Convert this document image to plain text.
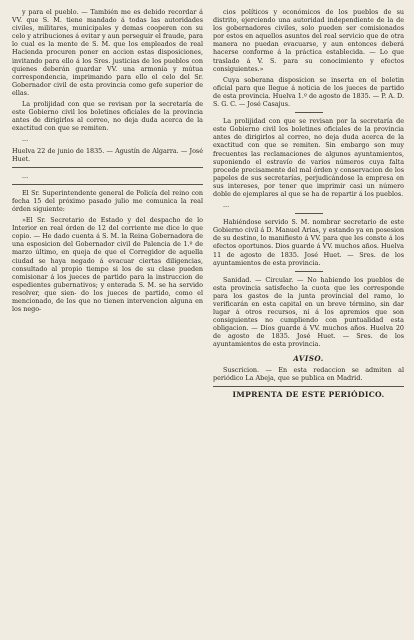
y para el pueblo. — También me es debido recordar á VV. que S. M. tiene mandado á todas las autoridades civiles, militares, municipales y demas cooperen con su celo y atribuciones á evitar y aun perseguir el fraude, para lo cual es la mente de S. M. que los empleados de real Hacienda procuren poner en accion estas disposiciones, invitando para ello á los Sres. justicias de los pueblos con quienes deberán guardar VV. una armonía y mútua correspondencia, imprimando para ello el celo del Sr. Gobernador civil de esta provincia como gefe superior de ellas.

La prolijidad con que se revisan por la secretaría de este Gobierno civil los boletines oficiales de la provincia antes de dirigirlos al correo, no deja duda acerca de la exactitud con que se remiten.

...

Huelva 22 de junio de 1835. — Agustín de Algarra. — José Huet.

...

El Sr. Superintendente general de Policía del reino con fecha 15 del próximo pasado julio me comunica la real órden siguiente:

»El Sr. Secretario de Estado y del despacho de lo Interior en real órden de 12 del corriente me dice lo que copio. — He dado cuenta á S. M. la Reina Gobernadora de una esposicion del Gobernador civil de Palencia de 1.º de marzo último, en queja de que el Corregidor de aquella ciudad se haya negado á evacuar ciertas diligencias, consultado al propio tiempo si los de su clase pueden comisionar á los jueces de partido para la instruccion de espedientes gubernativos; y enterada S. M. se ha servido resolver, que sien- do los jueces de partido, como el mencionado, de los que no tienen intervencion alguna en los nego-

cios políticos y económicos de los pueblos de su distrito, ejerciendo una autoridad independiente de la de los gobernadores civiles, solo pueden ser comisionados por estos en aquellos asuntos del real servicio que de otra manera no puedan evacuarse, y aun entonces deberá hacerse conforme á la práctica establecida. — Lo que traslado á V. S. para su conocimiento y efectos consiguientes.»

Cuya soberana disposicion se inserta en el boletin oficial para que llegue á noticia de los jueces de partido de esta provincia. Huelva 1.º de agosto de 1835. — P. A. D. S. G. C. — José Casajus.

La prolijidad con que se revisan por la secretaría de este Gobierno civil los boletines oficiales de la provincia antes de dirigirlos al correo, no deja duda acerca de la exactitud con que se remiten. Sin embargo son muy frecuentes las reclamaciones de algunos ayuntamientos, suponiendo el estravío de varios números cuya falta procede precisamente del mal órden y conservacion de los papeles de sus secretarías, perjudicándose la empresa en sus intereses, por tener que imprimir casi un número doble de ejemplares al que se ha de repartir á los pueblos.

...

Habiéndose servido S. M. nombrar secretario de este Gobierno civil á D. Manuel Arias, y estando ya en posesion de su destino, lo manifiesto á VV. para que les conste á los efectos oportunos. Dios guarde á VV. muchos años. Huelva 11 de agosto de 1835. José Huet. — Sres. de los ayuntamientos de esta provincia.

Sanidad. — Circular. — No habiendo los pueblos de esta provincia satisfecho la cuota que les corresponde para los gastos de la junta provincial del ramo, lo verificarán en esta capital en un breve término, sin dar lugar á otros recursos, ni á los apremios que son consiguientes no cumpliendo con puntualidad esta obligacion. — Dios guarde á VV. muchos años. Huelva 20 de agosto de 1835. José Huet. — Sres. de los ayuntamientos de esta provincia.

AVISO.

Suscricion. — En esta redaccion se admiten al periódico La Abeja, que se publica en Madrid.

IMPRENTA DE ESTE PERIÓDICO.
